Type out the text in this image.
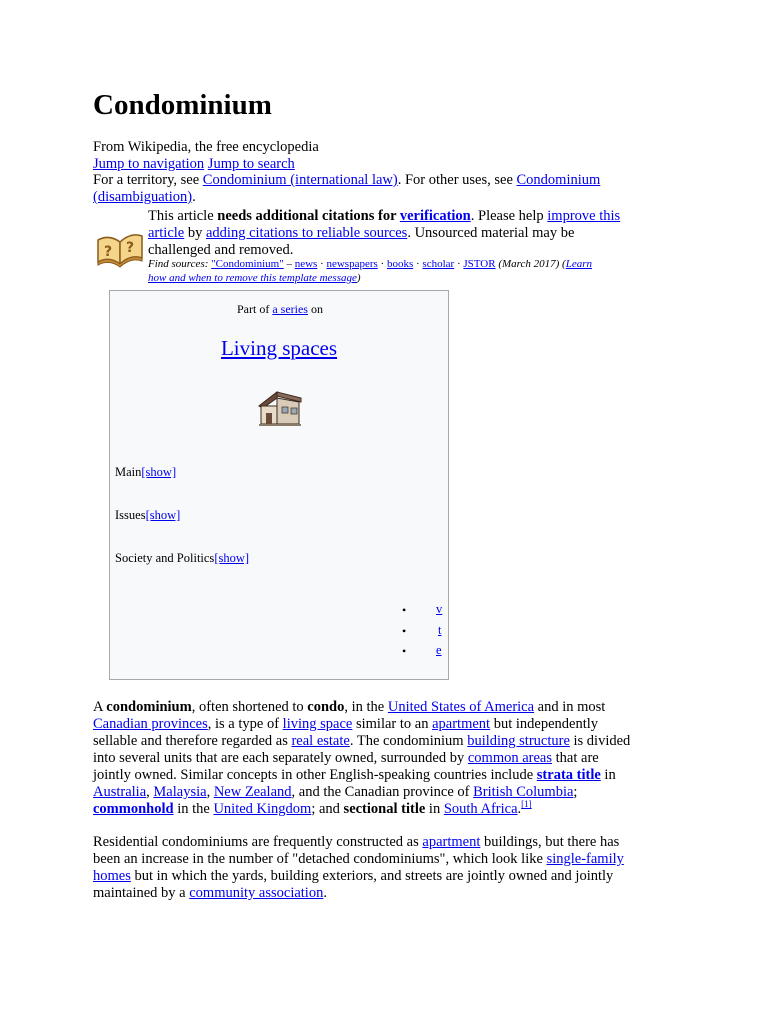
Condominium
From Wikipedia, the free encyclopedia
Jump to navigation Jump to search
For a territory, see Condominium (international law). For other uses, see Condominium
(disambiguation).
? ?
This article needs additional citations for verification. Please help improve this
article by adding citations to reliable sources. Unsourced material may be
challenged and removed.
Find sources: "Condominium" – news · newspapers · books · scholar · JSTOR (March 2017) (Learn
how and when to remove this template message)
Part of a series on
Living spaces
Main[show]
Issues[show]
Society and Politics[show]
• v
•	t
• e
A condominium, often shortened to condo, in the United States of America and in most
Canadian provinces, is a type of living space similar to an apartment but independently
sellable and therefore regarded as real estate. The condominium building structure is divided
into several units that are each separately owned, surrounded by common areas that are
jointly owned. Similar concepts in other English-speaking countries include strata title in
Australia, Malaysia, New Zealand, and the Canadian province of British Columbia;
commonhold in the United Kingdom; and sectional title in South Africa.[1]
Residential condominiums are frequently constructed as apartment buildings, but there has
been an increase in the number of "detached condominiums", which look like single-family
homes but in which the yards, building exteriors, and streets are jointly owned and jointly
maintained by a community association.
